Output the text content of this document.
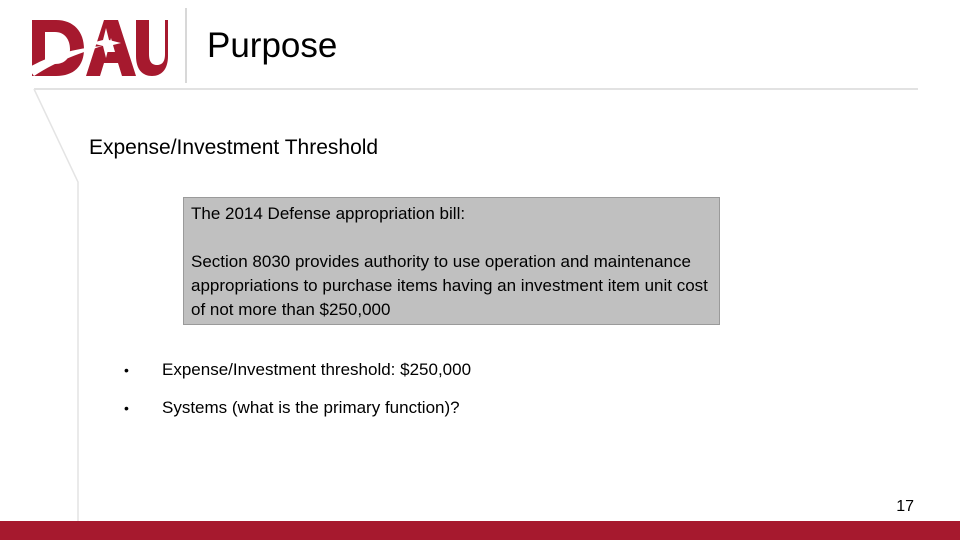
Purpose
Expense/Investment Threshold

The 2014 Defense appropriation bill:

Section 8030 provides authority to use operation and maintenance appropriations to purchase items having an investment item unit cost of not more than $250,000

• Expense/Investment threshold: $250,000
• Systems (what is the primary function)?
17
